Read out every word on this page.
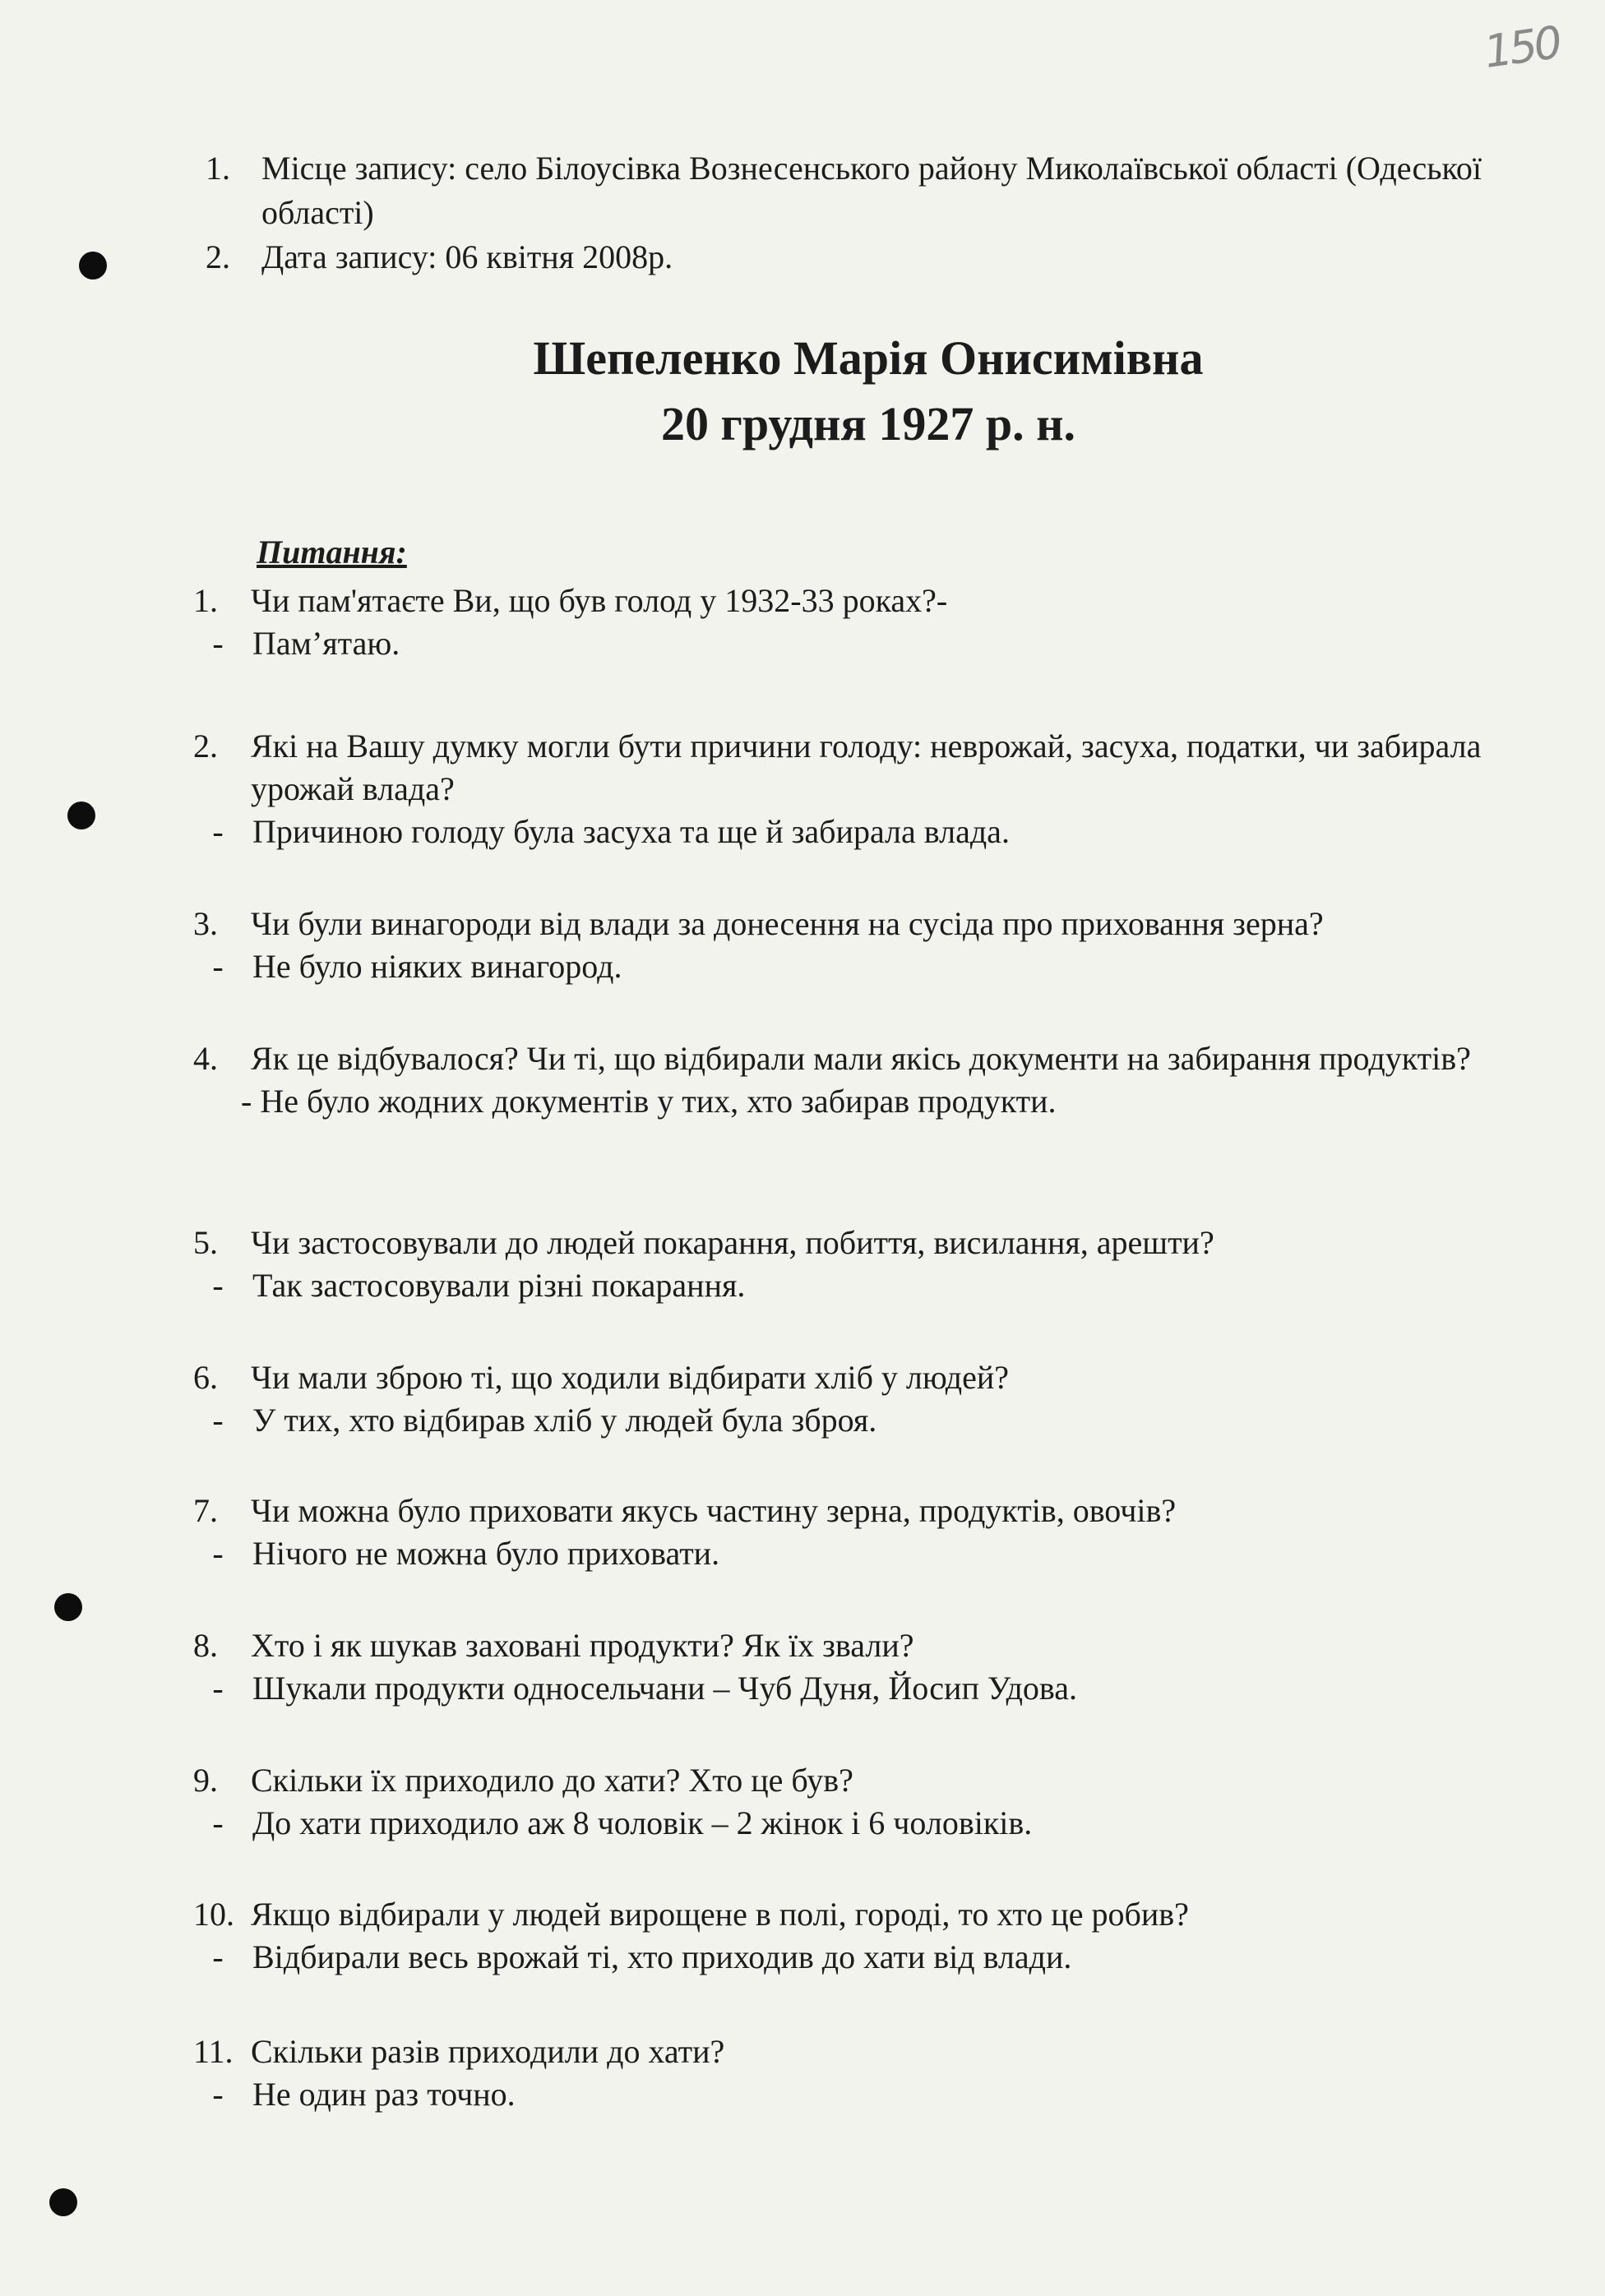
150
1. Місце запису: село Білоусівка Вознесенського району Миколаївської області (Одеської області)
2. Дата запису: 06 квітня 2008р.
Шепеленко Марія Онисимівна
20 грудня 1927 р. н.
Питання:
1.	Чи пам'ятаєте Ви, що був голод у 1932-33 роках?-
- Пам’ятаю.
2.	Які на Вашу думку могли бути причини голоду: неврожай, засуха, податки, чи забирала урожай влада?
- Причиною голоду була засуха та ще й забирала влада.
3.	Чи були винагороди від влади за донесення на сусіда про приховання зерна?
- Не було ніяких винагород.
4.	Як це відбувалося? Чи ті, що відбирали мали якісь документи на забирання продуктів?
- Не було жодних документів у тих, хто забирав продукти.
5.	Чи застосовували до людей покарання, побиття, висилання, арешти?
- Так застосовували різні покарання.
6.	Чи мали зброю ті, що ходили відбирати хліб у людей?
- У тих, хто відбирав хліб у людей була зброя.
7.	Чи можна було приховати якусь частину зерна, продуктів, овочів?
- Нічого не можна було приховати.
8.	Хто і як шукав заховані продукти? Як їх звали?
- Шукали продукти односельчани – Чуб Дуня, Йосип Удова.
9.	Скільки їх приходило до хати? Хто це був?
- До хати приходило аж 8 чоловік – 2 жінок і 6 чоловіків.
10. Якщо відбирали у людей вирощене в полі, городі, то хто це робив?
- Відбирали весь врожай ті, хто приходив до хати від влади.
11. Скільки разів приходили до хати?
- Не один раз точно.
